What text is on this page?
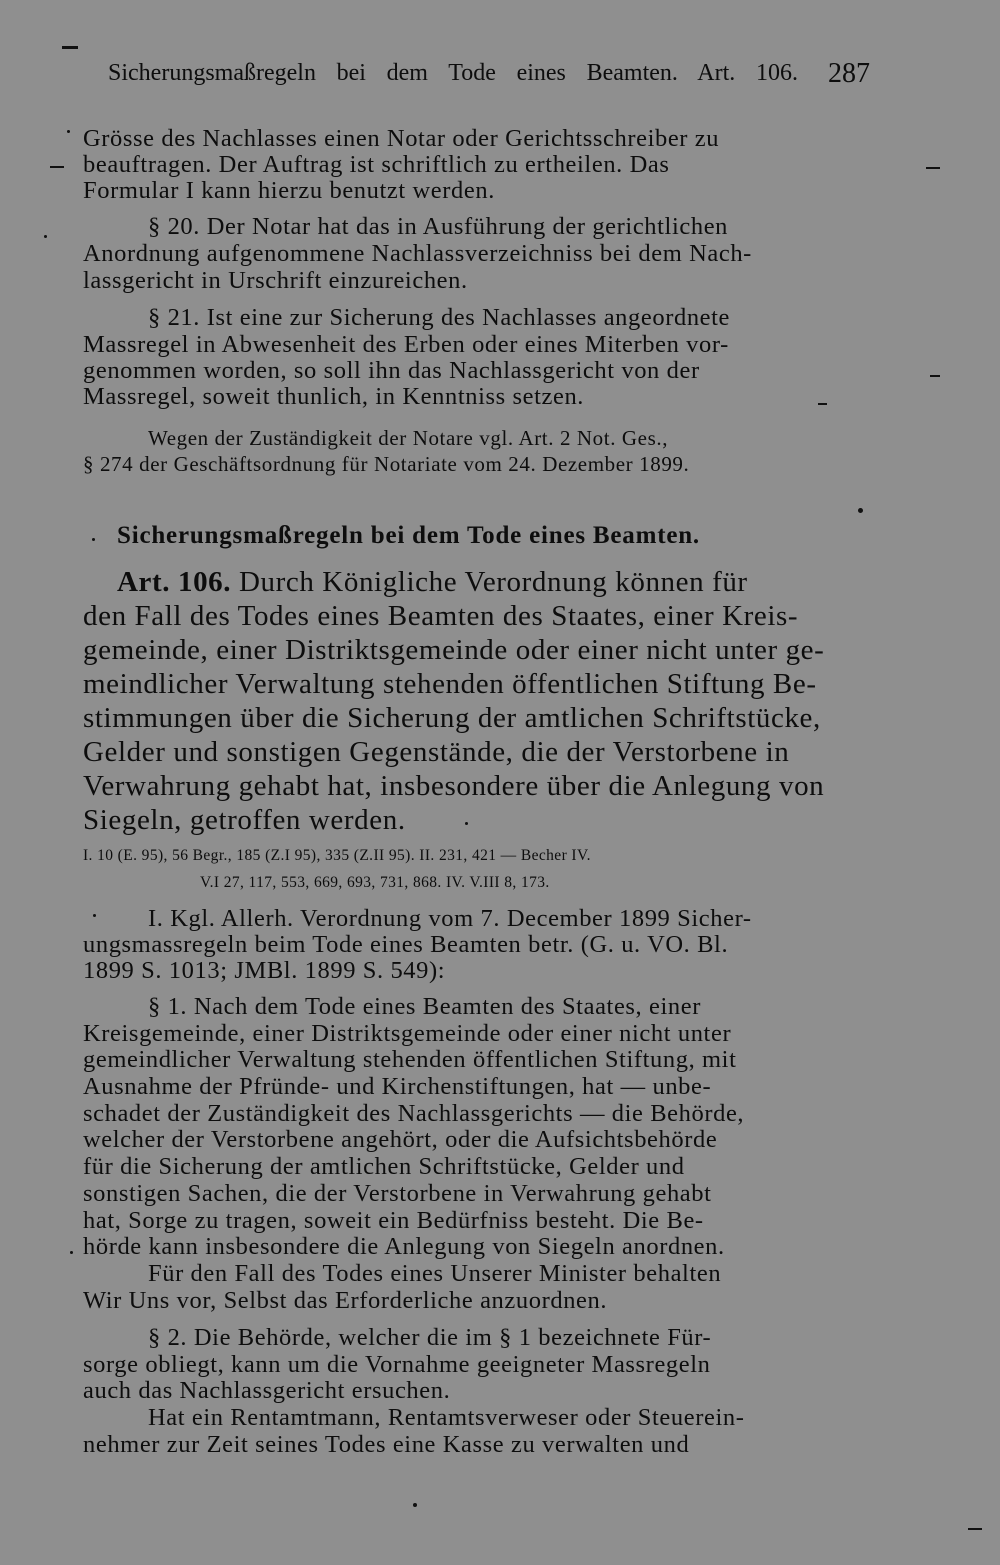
Sicherungsmaßregeln bei dem Tode eines Beamten. Art. 106. 287
Grösse des Nachlasses einen Notar oder Gerichtsschreiber zu
beauftragen. Der Auftrag ist schriftlich zu ertheilen. Das
Formular I kann hierzu benutzt werden.
§ 20. Der Notar hat das in Ausführung der gerichtlichen
Anordnung aufgenommene Nachlassverzeichniss bei dem Nach-
lassgericht in Urschrift einzureichen.
§ 21. Ist eine zur Sicherung des Nachlasses angeordnete
Massregel in Abwesenheit des Erben oder eines Miterben vor-
genommen worden, so soll ihn das Nachlassgericht von der
Massregel, soweit thunlich, in Kenntniss setzen.
Wegen der Zuständigkeit der Notare vgl. Art. 2 Not. Ges.,
§ 274 der Geschäftsordnung für Notariate vom 24. Dezember 1899.
Sicherungsmaßregeln bei dem Tode eines Beamten.
Art. 106. Durch Königliche Verordnung können für
den Fall des Todes eines Beamten des Staates, einer Kreis-
gemeinde, einer Distriktsgemeinde oder einer nicht unter ge-
meindlicher Verwaltung stehenden öffentlichen Stiftung Be-
stimmungen über die Sicherung der amtlichen Schriftstücke,
Gelder und sonstigen Gegenstände, die der Verstorbene in
Verwahrung gehabt hat, insbesondere über die Anlegung von
Siegeln, getroffen werden.
I. 10 (E. 95), 56 Begr., 185 (Z.I 95), 335 (Z.II 95). II. 231, 421 — Becher IV.
V.I 27, 117, 553, 669, 693, 731, 868. IV. V.III 8, 173.
I. Kgl. Allerh. Verordnung vom 7. December 1899 Sicher-
ungsmassregeln beim Tode eines Beamten betr. (G. u. VO. Bl.
1899 S. 1013; JMBl. 1899 S. 549):
§ 1. Nach dem Tode eines Beamten des Staates, einer
Kreisgemeinde, einer Distriktsgemeinde oder einer nicht unter
gemeindlicher Verwaltung stehenden öffentlichen Stiftung, mit
Ausnahme der Pfründe- und Kirchenstiftungen, hat — unbe-
schadet der Zuständigkeit des Nachlassgerichts — die Behörde,
welcher der Verstorbene angehört, oder die Aufsichtsbehörde
für die Sicherung der amtlichen Schriftstücke, Gelder und
sonstigen Sachen, die der Verstorbene in Verwahrung gehabt
hat, Sorge zu tragen, soweit ein Bedürfniss besteht. Die Be-
hörde kann insbesondere die Anlegung von Siegeln anordnen.
Für den Fall des Todes eines Unserer Minister behalten
Wir Uns vor, Selbst das Erforderliche anzuordnen.
§ 2. Die Behörde, welcher die im § 1 bezeichnete Für-
sorge obliegt, kann um die Vornahme geeigneter Massregeln
auch das Nachlassgericht ersuchen.
Hat ein Rentamtmann, Rentamtsverweser oder Steuerein-
nehmer zur Zeit seines Todes eine Kasse zu verwalten und
